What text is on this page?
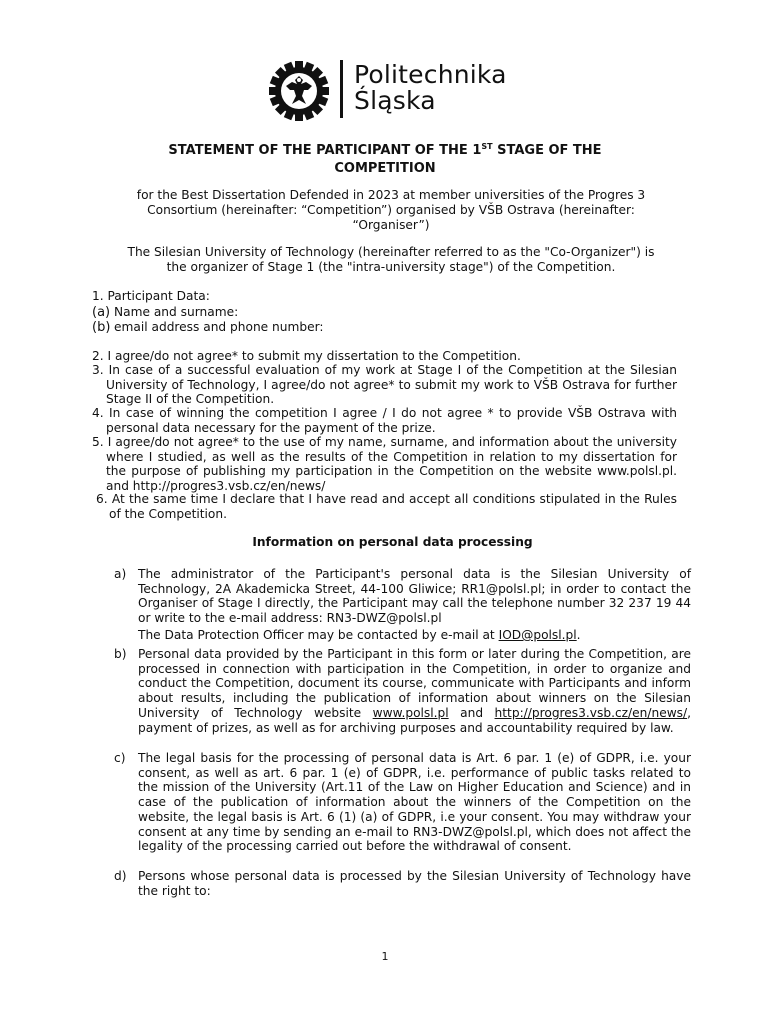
Politechnika
Śląska
STATEMENT OF THE PARTICIPANT OF THE 1ST STAGE OF THE
COMPETITION
for the Best Dissertation Defended in 2023 at member universities of the Progres 3
Consortium (hereinafter: “Competition”) organised by VŠB Ostrava (hereinafter:
“Organiser”)
The Silesian University of Technology (hereinafter referred to as the "Co-Organizer") is
the organizer of Stage 1 (the "intra-university stage") of the Competition.
1. Participant Data:
(a) Name and surname:
(b) email address and phone number:
2. I agree/do not agree* to submit my dissertation to the Competition.
3. In case of a successful evaluation of my work at Stage I of the Competition at the Silesian University of Technology, I agree/do not agree* to submit my work to VŠB Ostrava for further Stage II of the Competition.
4. In case of winning the competition I agree / I do not agree * to provide VŠB Ostrava with personal data necessary for the payment of the prize.
5. I agree/do not agree* to the use of my name, surname, and information about the university where I studied, as well as the results of the Competition in relation to my dissertation for the purpose of publishing my participation in the Competition on the website www.polsl.pl. and http://progres3.vsb.cz/en/news/
6. At the same time I declare that I have read and accept all conditions stipulated in the Rules of the Competition.
Information on personal data processing
a) The administrator of the Participant's personal data is the Silesian University of Technology, 2A Akademicka Street, 44-100 Gliwice; RR1@polsl.pl; in order to contact the Organiser of Stage I directly, the Participant may call the telephone number 32 237 19 44 or write to the e-mail address: RN3-DWZ@polsl.pl
The Data Protection Officer may be contacted by e-mail at IOD@polsl.pl.
b) Personal data provided by the Participant in this form or later during the Competition, are processed in connection with participation in the Competition, in order to organize and conduct the Competition, document its course, communicate with Participants and inform about results, including the publication of information about winners on the Silesian University of Technology website www.polsl.pl and http://progres3.vsb.cz/en/news/, payment of prizes, as well as for archiving purposes and accountability required by law.
c) The legal basis for the processing of personal data is Art. 6 par. 1 (e) of GDPR, i.e. your consent, as well as art. 6 par. 1 (e) of GDPR, i.e. performance of public tasks related to the mission of the University (Art.11 of the Law on Higher Education and Science) and in case of the publication of information about the winners of the Competition on the website, the legal basis is Art. 6 (1) (a) of GDPR, i.e your consent. You may withdraw your consent at any time by sending an e-mail to RN3-DWZ@polsl.pl, which does not affect the legality of the processing carried out before the withdrawal of consent.
d) Persons whose personal data is processed by the Silesian University of Technology have the right to:
1
